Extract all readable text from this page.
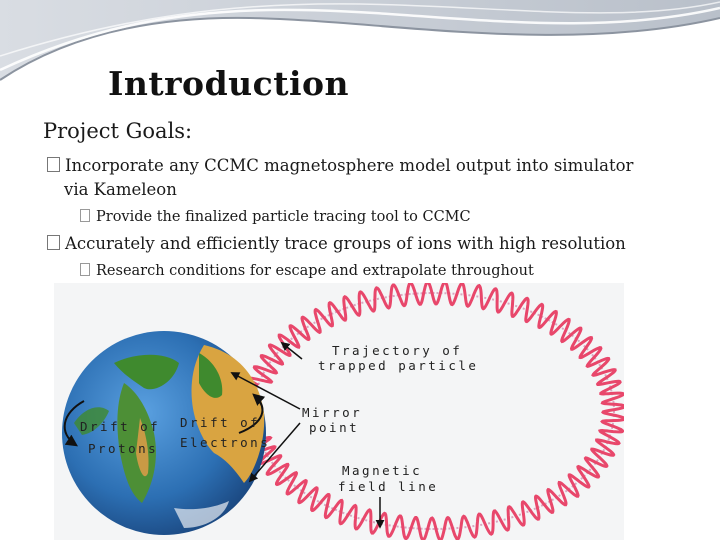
Introduction
Project Goals:
Incorporate any CCMC magnetosphere model output into simulator
via Kameleon
Provide the finalized particle tracing tool to CCMC
Accurately and efficiently trace groups of ions with high resolution
Research conditions for escape and extrapolate throughout
Trajectory of
trapped particle
Mirror
point
Magnetic
field line
Drift of
Protons
Drift of
Electrons
